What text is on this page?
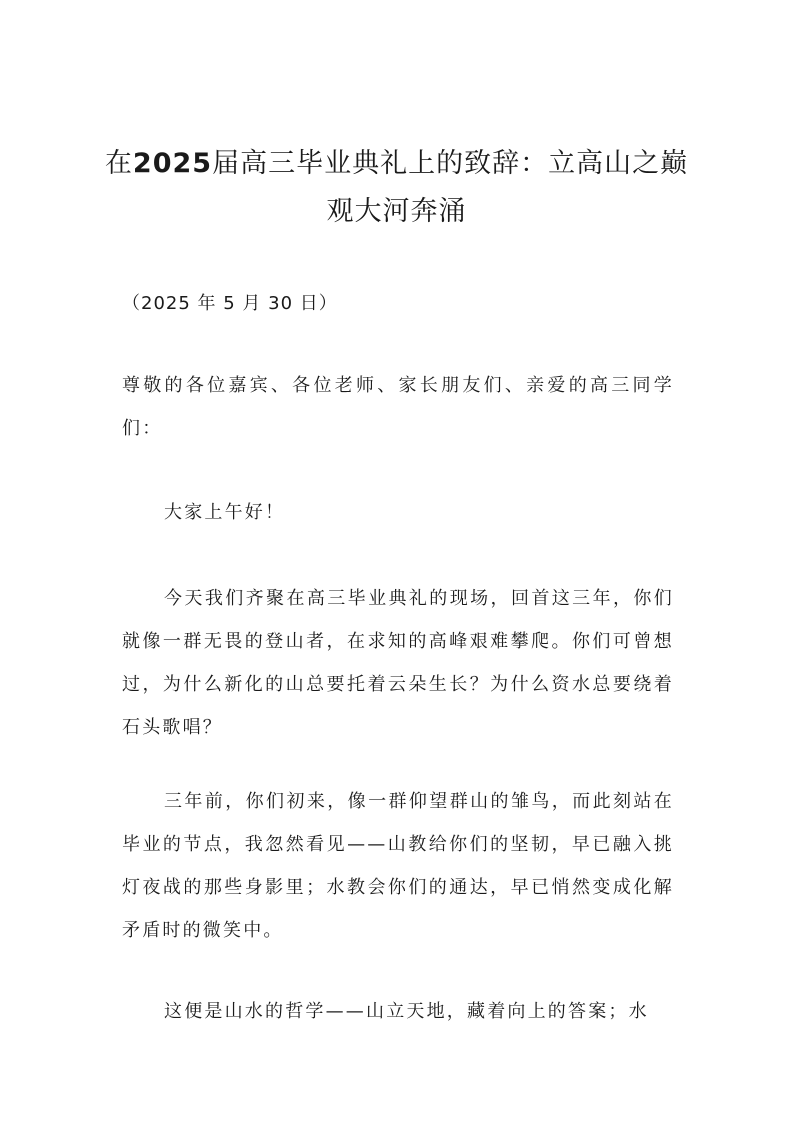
在2025届高三毕业典礼上的致辞：立高山之巅观大河奔涌
（2025 年 5 月 30 日）

尊敬的各位嘉宾、各位老师、家长朋友们、亲爱的高三同学们：

大家上午好！

今天我们齐聚在高三毕业典礼的现场，回首这三年，你们就像一群无畏的登山者，在求知的高峰艰难攀爬。你们可曾想过，为什么新化的山总要托着云朵生长？为什么资水总要绕着石头歌唱？

三年前，你们初来，像一群仰望群山的雏鸟，而此刻站在毕业的节点，我忽然看见——山教给你们的坚韧，早已融入挑灯夜战的那些身影里；水教会你们的通达，早已悄然变成化解矛盾时的微笑中。

这便是山水的哲学——山立天地，藏着向上的答案；水
